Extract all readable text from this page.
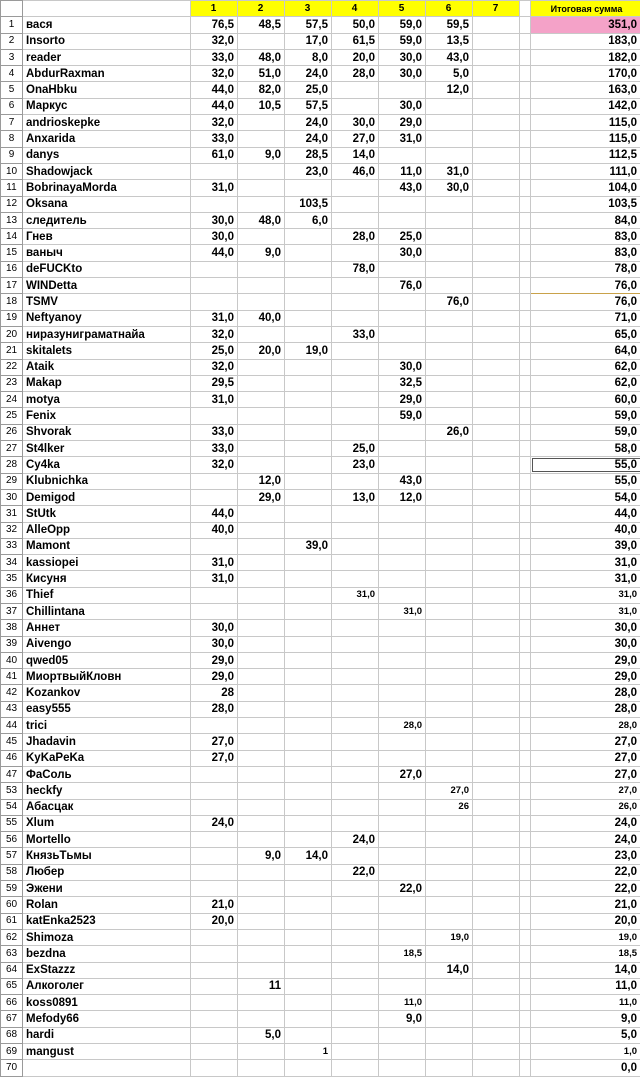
		1	2	3	4	5	6	7		Итоговая сумма
1	вася	76,5	48,5	57,5	50,0	59,0	59,5			351,0
2	Insorto	32,0		17,0	61,5	59,0	13,5			183,0
3	reader	33,0	48,0	8,0	20,0	30,0	43,0			182,0
4	AbdurRaxman	32,0	51,0	24,0	28,0	30,0	5,0			170,0
5	OnaHbku	44,0	82,0	25,0			12,0			163,0
6	Маркус	44,0	10,5	57,5		30,0				142,0
7	andrioskepke	32,0		24,0	30,0	29,0				115,0
8	Anxarida	33,0		24,0	27,0	31,0				115,0
9	danys	61,0	9,0	28,5	14,0					112,5
10	Shadowjack			23,0	46,0	11,0	31,0			111,0
11	BobrinayaMorda	31,0				43,0	30,0			104,0
12	Oksana			103,5						103,5
13	следитель	30,0	48,0	6,0						84,0
14	Гнев	30,0			28,0	25,0				83,0
15	ваныч	44,0	9,0			30,0				83,0
16	deFUCKto				78,0					78,0
17	WINDetta					76,0				76,0
18	TSMV						76,0			76,0
19	Neftyanoy	31,0	40,0							71,0
20	ниразуниграматнайа	32,0			33,0					65,0
21	skitalets	25,0	20,0	19,0						64,0
22	Ataik	32,0				30,0				62,0
23	Makap	29,5				32,5				62,0
24	motya	31,0				29,0				60,0
25	Fenix					59,0				59,0
26	Shvorak	33,0					26,0			59,0
27	St4lker	33,0			25,0					58,0
28	Cy4ka	32,0			23,0					55,0
29	Klubnichka		12,0			43,0				55,0
30	Demigod		29,0		13,0	12,0				54,0
31	StUtk	44,0								44,0
32	AlleOpp	40,0								40,0
33	Mamont			39,0						39,0
34	kassiopei	31,0								31,0
35	Кисуня	31,0								31,0
36	Thief				31,0					31,0
37	Chillintana					31,0				31,0
38	Аннет	30,0								30,0
39	Aivengo	30,0								30,0
40	qwed05	29,0								29,0
41	МиортвыйКловн	29,0								29,0
42	Kozankov	28								28,0
43	easy555	28,0								28,0
44	trici					28,0				28,0
45	Jhadavin	27,0								27,0
46	KyKaPeKa	27,0								27,0
47	ФаСоль					27,0				27,0
53	heckfy						27,0			27,0
54	Абасцак						26			26,0
55	Xlum	24,0								24,0
56	Mortello				24,0					24,0
57	КнязьТьмы		9,0	14,0						23,0
58	Любер				22,0					22,0
59	Эжени					22,0				22,0
60	Rolan	21,0								21,0
61	katEnka2523	20,0								20,0
62	Shimoza						19,0			19,0
63	bezdna					18,5				18,5
64	ExStazzz						14,0			14,0
65	Алкоголег		11							11,0
66	koss0891					11,0				11,0
67	Mefody66					9,0				9,0
68	hardi		5,0							5,0
69	mangust			1						1,0
70										0,0
